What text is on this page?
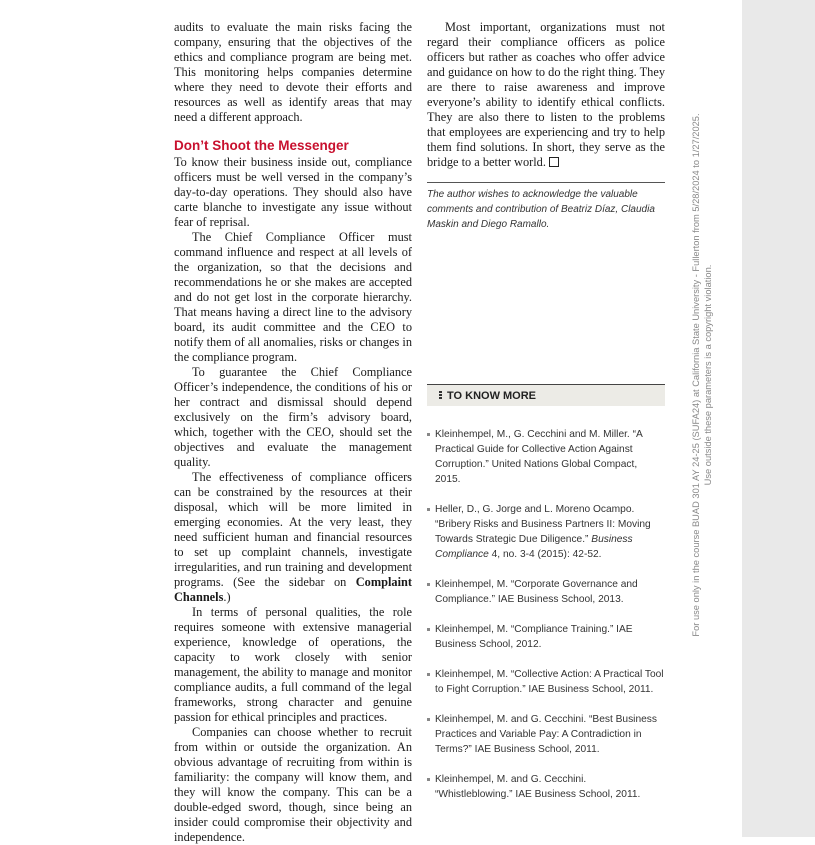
audits to evaluate the main risks facing the company, ensuring that the objectives of the ethics and compliance program are being met. This monitoring helps companies determine where they need to devote their efforts and resources as well as identify areas that may need a different approach.

Don’t Shoot the Messenger

To know their business inside out, compliance officers must be well versed in the company’s day-to-day operations. They should also have carte blanche to investigate any issue without fear of reprisal.

The Chief Compliance Officer must command influence and respect at all levels of the organization, so that the decisions and recommendations he or she makes are accepted and do not get lost in the corporate hierarchy. That means having a direct line to the advisory board, its audit committee and the CEO to notify them of all anomalies, risks or changes in the compliance program.

To guarantee the Chief Compliance Officer’s independence, the conditions of his or her contract and dismissal should depend exclusively on the firm’s advisory board, which, together with the CEO, should set the objectives and evaluate the management quality.

The effectiveness of compliance officers can be constrained by the resources at their disposal, which will be more limited in emerging economies. At the very least, they need sufficient human and financial resources to set up complaint channels, investigate irregularities, and run training and development programs. (See the sidebar on Complaint Channels.)

In terms of personal qualities, the role requires someone with extensive managerial experience, knowledge of operations, the capacity to work closely with senior management, the ability to manage and monitor compliance audits, a full command of the legal frameworks, strong character and genuine passion for ethical principles and practices.

Companies can choose whether to recruit from within or outside the organization. An obvious advantage of recruiting from within is familiarity: the company will know them, and they will know the company. This can be a double-edged sword, though, since being an insider could compromise their objectivity and independence.

Most important, organizations must not regard their compliance officers as police officers but rather as coaches who offer advice and guidance on how to do the right thing. They are there to raise awareness and improve everyone’s ability to identify ethical conflicts. They are also there to listen to the problems that employees are experiencing and try to help them find solutions. In short, they serve as the bridge to a better world.

The author wishes to acknowledge the valuable comments and contribution of Beatriz Díaz, Claudia Maskin and Diego Ramallo.
TO KNOW MORE
Kleinhempel, M., G. Cecchini and M. Miller. “A Practical Guide for Collective Action Against Corruption.” United Nations Global Compact, 2015.
Heller, D., G. Jorge and L. Moreno Ocampo. “Bribery Risks and Business Partners II: Moving Towards Strategic Due Diligence.” Business Compliance 4, no. 3-4 (2015): 42-52.
Kleinhempel, M. “Corporate Governance and Compliance.” IAE Business School, 2013.
Kleinhempel, M. “Compliance Training.” IAE Business School, 2012.
Kleinhempel, M. “Collective Action: A Practical Tool to Fight Corruption.” IAE Business School, 2011.
Kleinhempel, M. and G. Cecchini. “Best Business Practices and Variable Pay: A Contradiction in Terms?” IAE Business School, 2011.
Kleinhempel, M. and G. Cecchini. “Whistleblowing.” IAE Business School, 2011.
For use only in the course BUAD 301 AY 24-25 (SUFA24) at California State University - Fullerton from 5/28/2024 to 1/27/2025. Use outside these parameters is a copyright violation.
